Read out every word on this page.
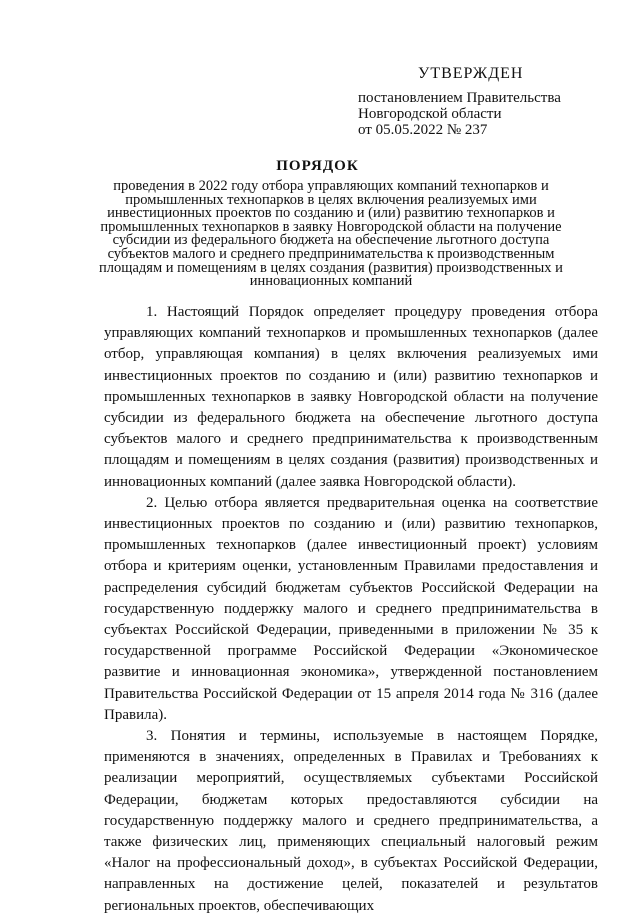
УТВЕРЖДЕН
постановлением Правительства
Новгородской области
от 05.05.2022 № 237
ПОРЯДОК
проведения в 2022 году отбора управляющих компаний технопарков и промышленных технопарков в целях включения реализуемых ими инвестиционных проектов по созданию и (или) развитию технопарков и промышленных технопарков в заявку Новгородской области на получение субсидии из федерального бюджета на обеспечение льготного доступа субъектов малого и среднего предпринимательства к производственным площадям и помещениям в целях создания (развития) производственных и инновационных компаний

1. Настоящий Порядок определяет процедуру проведения отбора управляющих компаний технопарков и промышленных технопарков (далее отбор, управляющая компания) в целях включения реализуемых ими инвестиционных проектов по созданию и (или) развитию технопарков и промышленных технопарков в заявку Новгородской области на получение субсидии из федерального бюджета на обеспечение льготного доступа субъектов малого и среднего предпринимательства к производственным площадям и помещениям в целях создания (развития) производственных и инновационных компаний (далее заявка Новгородской области).

2. Целью отбора является предварительная оценка на соответствие инвестиционных проектов по созданию и (или) развитию технопарков, промышленных технопарков (далее инвестиционный проект) условиям отбора и критериям оценки, установленным Правилами предоставления и распределения субсидий бюджетам субъектов Российской Федерации на государственную поддержку малого и среднего предпринимательства в субъектах Российской Федерации, приведенными в приложении № 35 к государственной программе Российской Федерации «Экономическое развитие и инновационная экономика», утвержденной постановлением Правительства Российской Федерации от 15 апреля 2014 года № 316 (далее Правила).

3. Понятия и термины, используемые в настоящем Порядке, применяются в значениях, определенных в Правилах и Требованиях к реализации мероприятий, осуществляемых субъектами Российской Федерации, бюджетам которых предоставляются субсидии на государственную поддержку малого и среднего предпринимательства, а также физических лиц, применяющих специальный налоговый режим «Налог на профессиональный доход», в субъектах Российской Федерации, направленных на достижение целей, показателей и результатов региональных проектов, обеспечивающих
